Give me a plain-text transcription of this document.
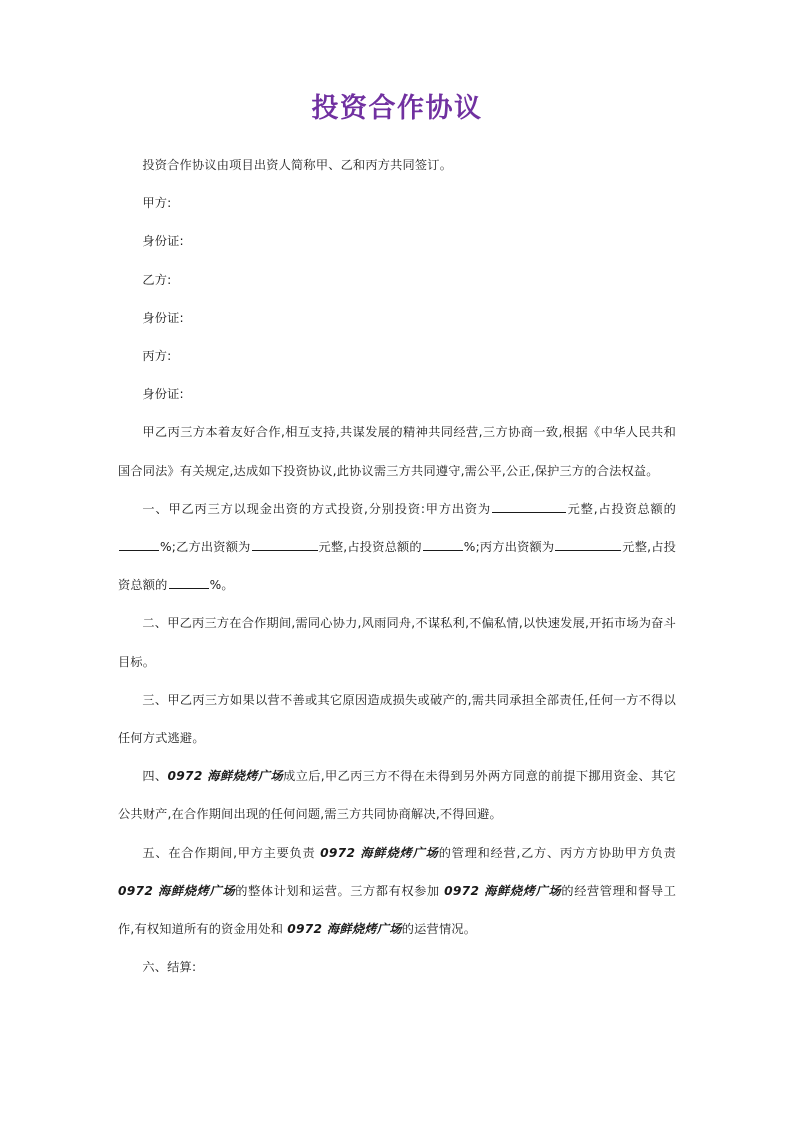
投资合作协议

投资合作协议由项目出资人简称甲、乙和丙方共同签订。

甲方:

身份证:

乙方:

身份证:

丙方:

身份证:

甲乙丙三方本着友好合作,相互支持,共谋发展的精神共同经营,三方协商一致,根据《中华人民共和国合同法》有关规定,达成如下投资协议,此协议需三方共同遵守,需公平,公正,保护三方的合法权益。

一、甲乙丙三方以现金出资的方式投资,分别投资:甲方出资为	元整,占投资总额的%;乙方出资额为	元整,占投资总额的	%;丙方出资额为	元整,占投资总额的	%。

二、甲乙丙三方在合作期间,需同心协力,风雨同舟,不谋私利,不偏私情,以快速发展,开拓市场为奋斗目标。

三、甲乙丙三方如果以营不善或其它原因造成损失或破产的,需共同承担全部责任,任何一方不得以任何方式逃避。

四、0972 海鲜烧烤广场成立后,甲乙丙三方不得在未得到另外两方同意的前提下挪用资金、其它公共财产,在合作期间出现的任何问题,需三方共同协商解决,不得回避。

五、在合作期间,甲方主要负责 0972 海鲜烧烤广场的管理和经营,乙方、丙方方协助甲方负责 0972 海鲜烧烤广场的整体计划和运营。三方都有权参加 0972 海鲜烧烤广场的经营管理和督导工作,有权知道所有的资金用处和 0972 海鲜烧烤广场的运营情况。

六、结算:
